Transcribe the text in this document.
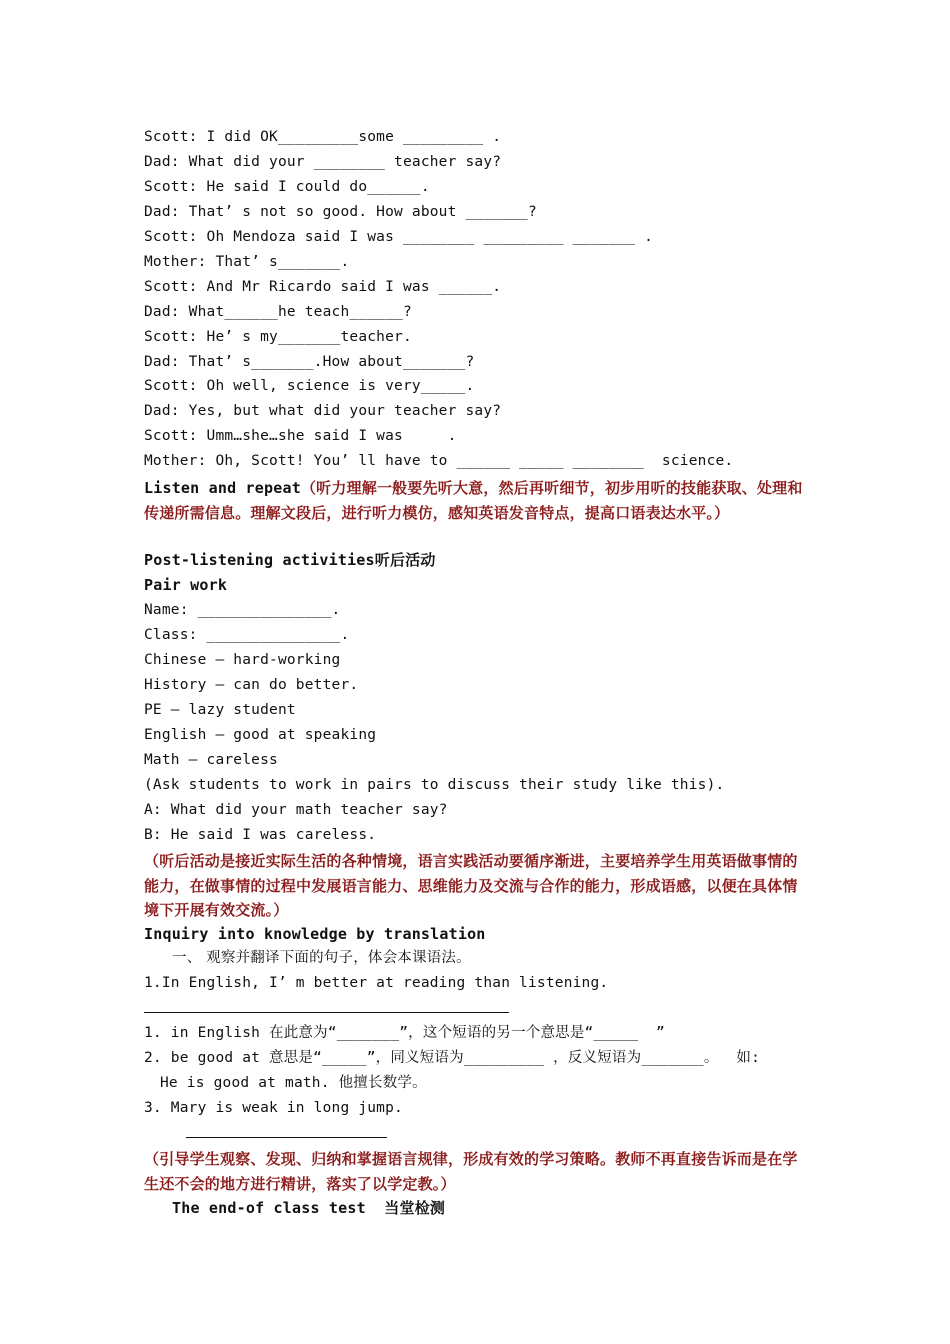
Scott: I did OK_________some _________ .
Dad: What did your ________ teacher say?
Scott: He said I could do______.
Dad: That’ s not so good. How about _______?
Scott: Oh Mendoza said I was ________ _________ _______ .
Mother: That’ s_______.
Scott: And Mr Ricardo said I was ______.
Dad: What______he teach______?
Scott: He’ s my_______teacher.
Dad: That’ s_______.How about_______?
Scott: Oh well, science is very_____.
Dad: Yes, but what did your teacher say?
Scott: Umm…she…she said I was     .
Mother: Oh, Scott! You’ ll have to ______ _____ ________  science.
Listen and repeat（听力理解一般要先听大意，然后再听细节，初步用听的技能获取、处理和传递所需信息。理解文段后，进行听力模仿，感知英语发音特点，提高口语表达水平。）
Post-listening activities听后活动
Pair work
Name: _______________.
Class: _______________.
Chinese — hard-working
History — can do better.
PE — lazy student
English — good at speaking
Math — careless
(Ask students to work in pairs to discuss their study like this).
A: What did your math teacher say?
B: He said I was careless.
（听后活动是接近实际生活的各种情境，语言实践活动要循序渐进，主要培养学生用英语做事情的能力，在做事情的过程中发展语言能力、思维能力及交流与合作的能力，形成语感，以便在具体情境下开展有效交流。）
Inquiry into knowledge by translation
一、 观察并翻译下面的句子，体会本课语法。
1.In English, I’ m better at reading than listening.
1. in English 在此意为“_______”，这个短语的另一个意思是“_____  ”
2. be good at 意思是“_____”，同义短语为_________ ，反义短语为_______。  如:
He is good at math. 他擅长数学。
3. Mary is weak in long jump.
（引导学生观察、发现、归纳和掌握语言规律，形成有效的学习策略。教师不再直接告诉而是在学生还不会的地方进行精讲，落实了以学定教。）
The end-of class test  当堂检测
